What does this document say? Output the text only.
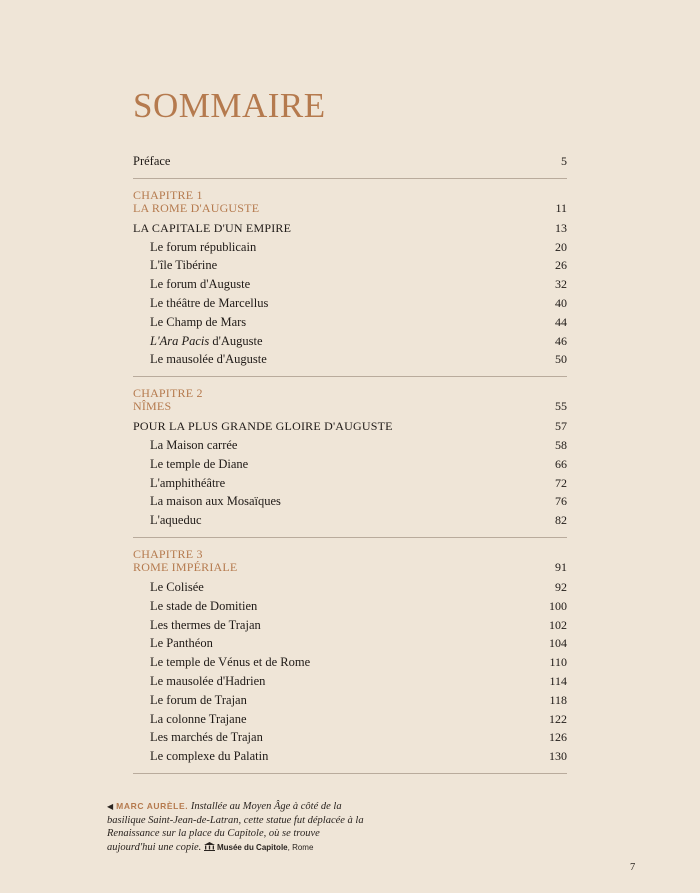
SOMMAIRE
Préface	5
CHAPITRE 1
LA ROME D'AUGUSTE	11
LA CAPITALE D'UN EMPIRE	13
Le forum républicain	20
L'île Tibérine	26
Le forum d'Auguste	32
Le théâtre de Marcellus	40
Le Champ de Mars	44
L'Ara Pacis d'Auguste	46
Le mausolée d'Auguste	50
CHAPITRE 2
NÎMES	55
POUR LA PLUS GRANDE GLOIRE D'AUGUSTE	57
La Maison carrée	58
Le temple de Diane	66
L'amphithéâtre	72
La maison aux Mosaïques	76
L'aqueduc	82
CHAPITRE 3
ROME IMPÉRIALE	91
Le Colisée	92
Le stade de Domitien	100
Les thermes de Trajan	102
Le Panthéon	104
Le temple de Vénus et de Rome	110
Le mausolée d'Hadrien	114
Le forum de Trajan	118
La colonne Trajane	122
Les marchés de Trajan	126
Le complexe du Palatin	130
◀ MARC AURÈLE. Installée au Moyen Âge à côté de la basilique Saint-Jean-de-Latran, cette statue fut déplacée à la Renaissance sur la place du Capitole, où se trouve aujourd'hui une copie. Musée du Capitole, Rome
7
